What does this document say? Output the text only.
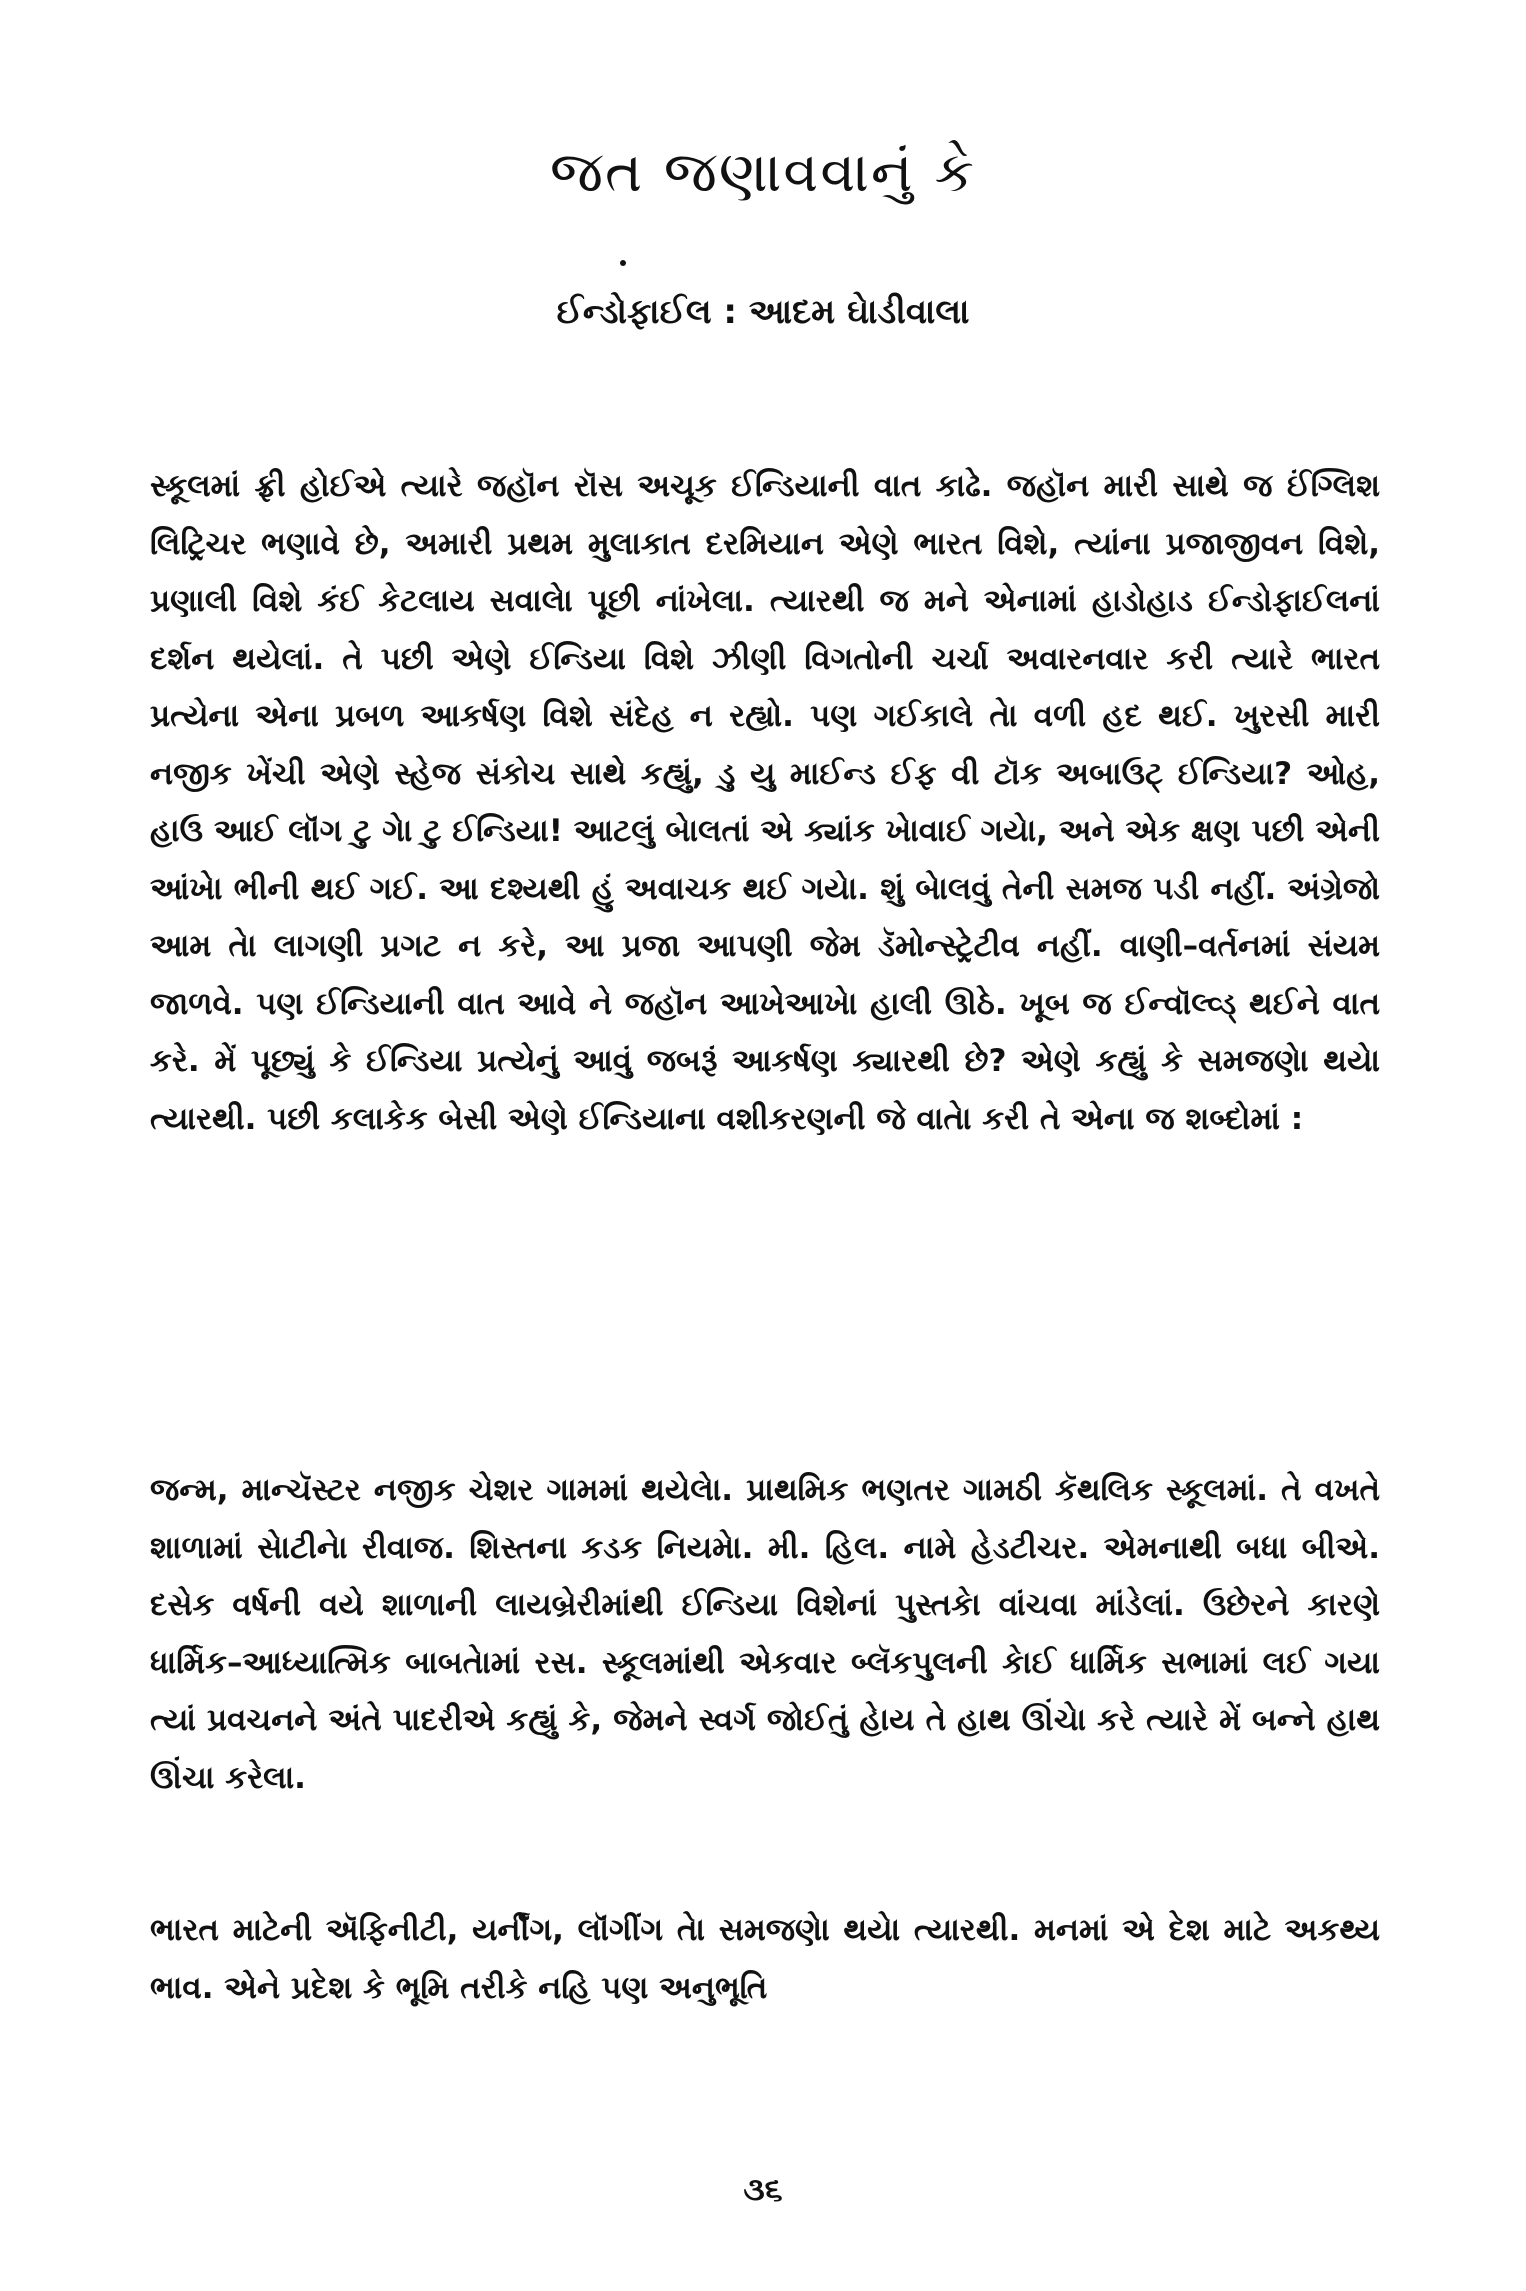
જત જણાવવાનું કે
ઈન્ડોફાઈલ : આદમ ઘેાડીવાલા

સ્કૂલમાં ફ્રી હોઈએ ત્યારે જહૉન રૉસ અચૂક ઈન્ડિયાની વાત કાઢે. જહૉન મારી સાથે જ ઈંગ્લિશ લિટ્રિચર ભણાવે છે, અમારી પ્રથમ મુલાકાત દરમિયાન એણે ભારત વિશે, ત્યાંના પ્રજાજીવન વિશે, પ્રણાલી વિશે કંઈ કેટલાય સવાલેા પૂછી નાંખેલા. ત્યારથી જ મને એનામાં હાડોહાડ ઈન્ડોફાઈલનાં દર્શન થયેલાં. તે પછી એણે ઈન્ડિયા વિશે ઝીણી વિગતોની ચર્ચા અવારનવાર કરી ત્યારે ભારત પ્રત્યેના એના પ્રબળ આકર્ષણ વિશે સંદેહ ન રહ્યો. પણ ગઈકાલે તેા વળી હદ થઈ. ખુરસી મારી નજીક ખેંચી એણે સ્હેજ સંકોચ સાથે કહ્યું, ડુ યુ માઈન્ડ ઈફ વી ટૉક અબાઉટ્ ઈન્ડિયા? ઓહ, હાઉ આઈ લૉંગ ટુ ગેા ટુ ઈન્ડિયા! આટલું બેાલતાં એ ક્યાંક ખેાવાઈ ગયેા, અને એક ક્ષણ પછી એની આંખેા ભીની થઈ ગઈ. આ દશ્યથી હું અવાચક થઈ ગયેા. શું બેાલવું તેની સમજ પડી નહીં. અંગ્રેજો આમ તેા લાગણી પ્રગટ ન કરે, આ પ્રજા આપણી જેમ ડૅમોન્સ્ટ્રેટીવ નહીં. વાણી–વર્તનમાં સંયમ જાળવે. પણ ઈન્ડિયાની વાત આવે ને જહૉન આખેઆખેા હાલી ઊઠે. ખૂબ જ ઈન્વૉલ્વ્ડ્ થઈને વાત કરે. મેં પૂછ્યું કે ઈન્ડિયા પ્રત્યેનું આવું જબરૂં આકર્ષણ ક્યારથી છે? એણે કહ્યું કે સમજણેા થયેા ત્યારથી. પછી કલાકેક બેસી એણે ઈન્ડિયાના વશીકરણની જે વાતેા કરી તે એના જ શબ્દોમાં :

જન્મ, માન્ચૅસ્ટર નજીક ચેશર ગામમાં થયેલેા. પ્રાથમિક ભણતર ગામઠી કૅથલિક સ્કૂલમાં. તે વખતે શાળામાં સેાટીનેા રીવાજ. શિસ્તના કડક નિયમેા. મી. હિલ. નામે હેડટીચર. એમનાથી બધા બીએ. દસેક વર્ષની વયે શાળાની લાયબ્રેરીમાંથી ઈન્ડિયા વિશેનાં પુસ્તકેા વાંચવા માંડેલાં. ઉછેરને કારણે ધાર્મિક–આધ્યાત્મિક બાબતેામાં રસ. સ્કૂલમાંથી એકવાર બ્લૅકપુલની કેાઈ ધાર્મિક સભામાં લઈ ગયા ત્યાં પ્રવચનને અંતે પાદરીએ કહ્યું કે, જેમને સ્વર્ગ જોઈતું હેાય તે હાથ ઊંચેા કરે ત્યારે મેં બન્ને હાથ ઊંચા કરેલા.

ભારત માટેની ઍફિનીટી, યર્નીંગ, લૉંગીંગ તેા સમજણેા થયેા ત્યારથી. મનમાં એ દેશ માટે અકથ્ય ભાવ. એને પ્રદેશ કે ભૂમિ તરીકે નહિ પણ અનુભૂતિ

૩૬
